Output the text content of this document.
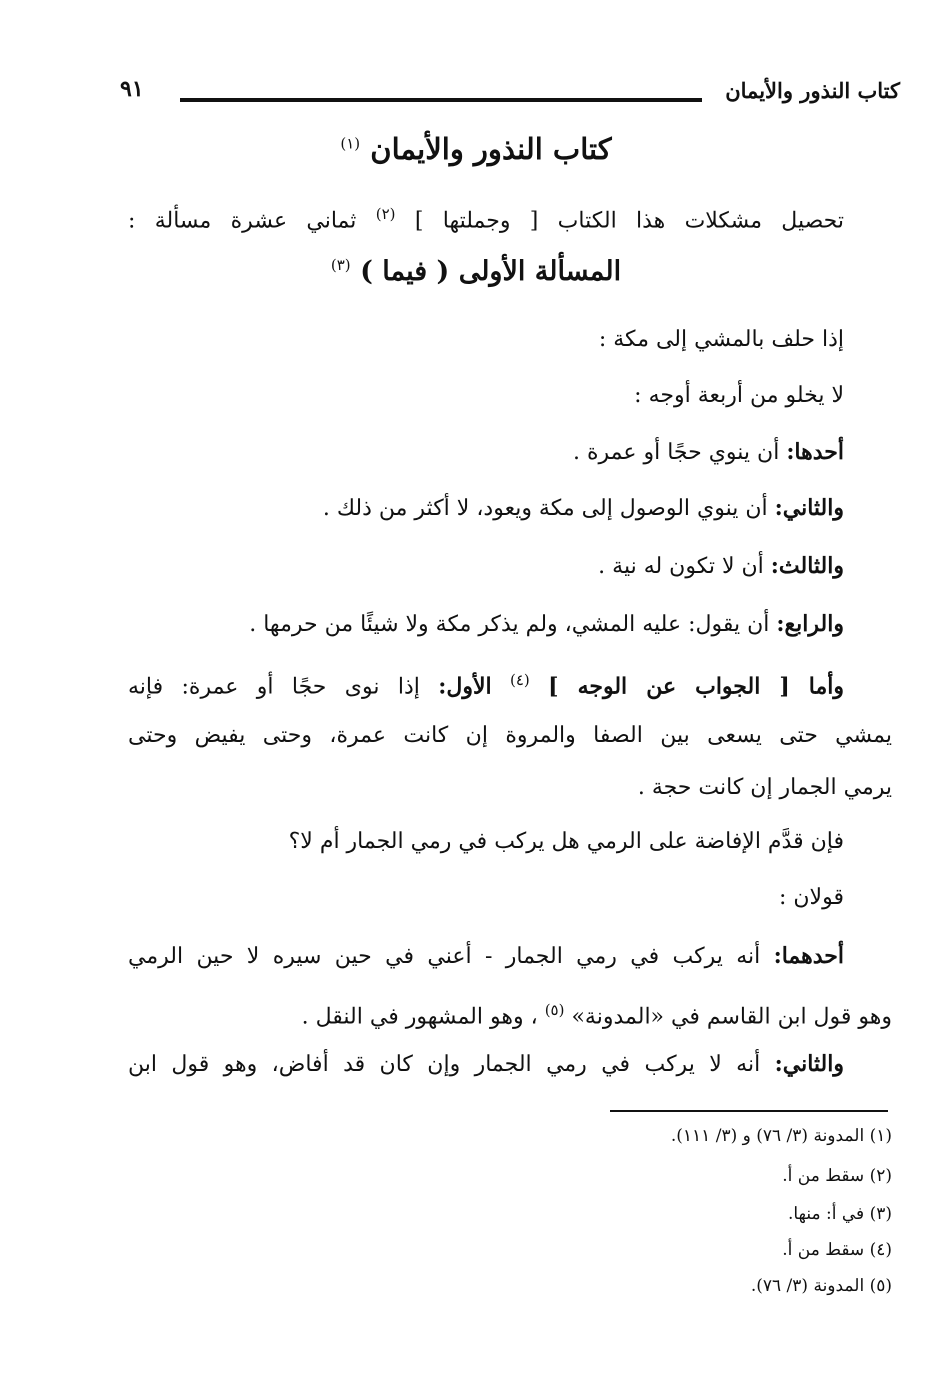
كتاب النذور والأيمان
٩١
كتاب النذور والأيمان $^{(١)}$
تحصيل مشكلات هذا الكتاب [ وجملتها ] $^{(٢)}$ ثماني عشرة مسألة :
المسألة الأولى ( فيما ) $^{(٣)}$
إذا حلف بالمشي إلى مكة :
لا يخلو من أربعة أوجه :
أحدها: أن ينوي حجًا أو عمرة .
والثاني: أن ينوي الوصول إلى مكة ويعود، لا أكثر من ذلك .
والثالث: أن لا تكون له نية .
والرابع: أن يقول: عليه المشي، ولم يذكر مكة ولا شيئًا من حرمها .
وأما [ الجواب عن الوجه ] $^{(٤)}$ الأول: إذا نوى حجًا أو عمرة: فإنه
يمشي حتى يسعى بين الصفا والمروة إن كانت عمرة، وحتى يفيض وحتى
يرمي الجمار إن كانت حجة .
فإن قدَّم الإفاضة على الرمي هل يركب في رمي الجمار أم لا؟
قولان :
أحدهما: أنه يركب في رمي الجمار - أعني في حين سيره لا حين الرمي
وهو قول ابن القاسم في «المدونة» $^{(٥)}$ ، وهو المشهور في النقل .
والثاني: أنه لا يركب في رمي الجمار وإن كان قد أفاض، وهو قول ابن
(١) المدونة (٣/ ٧٦) و (٣/ ١١١).
(٢) سقط من أ.
(٣) في أ: منها.
(٤) سقط من أ.
(٥) المدونة (٣/ ٧٦).
